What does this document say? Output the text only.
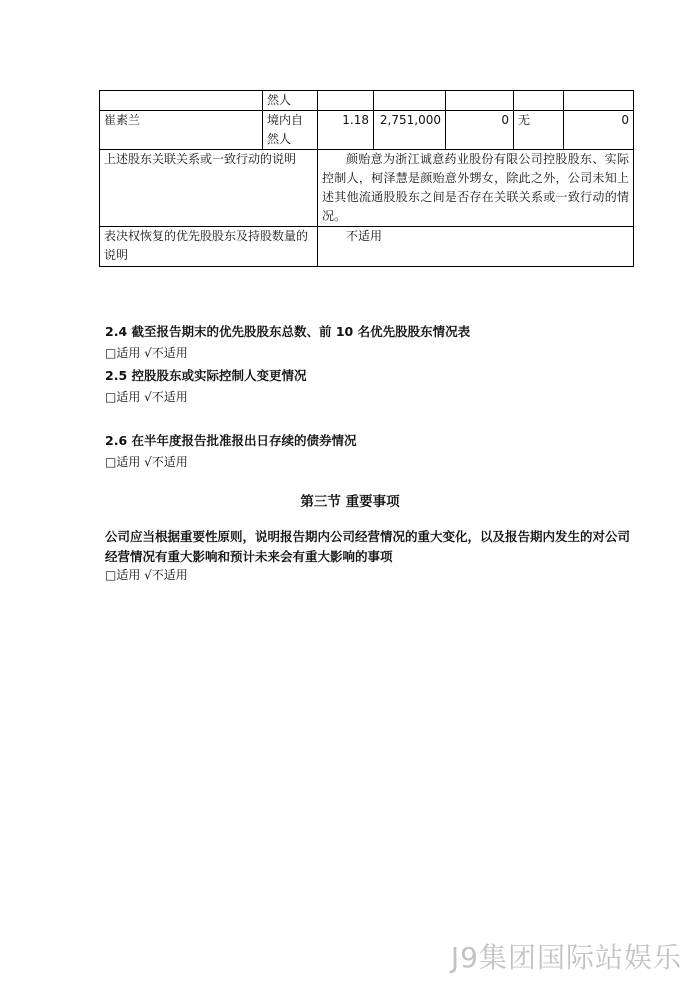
	然人					
崔素兰	境内自然人	1.18	2,751,000	0	无	0
上述股东关联关系或一致行动的说明		颜贻意为浙江诚意药业股份有限公司控股股东、实际控制人，柯泽慧是颜贻意外甥女，除此之外，公司未知上述其他流通股股东之间是否存在关联关系或一致行动的情况。				
表决权恢复的优先股股东及持股数量的说明		不适用				
2.4 截至报告期末的优先股股东总数、前 10 名优先股股东情况表
□适用 √不适用
2.5 控股股东或实际控制人变更情况
□适用 √不适用
2.6 在半年度报告批准报出日存续的债券情况
□适用 √不适用
第三节 重要事项
公司应当根据重要性原则，说明报告期内公司经营情况的重大变化，以及报告期内发生的对公司经营情况有重大影响和预计未来会有重大影响的事项
□适用 √不适用
J9集团国际站娱乐
